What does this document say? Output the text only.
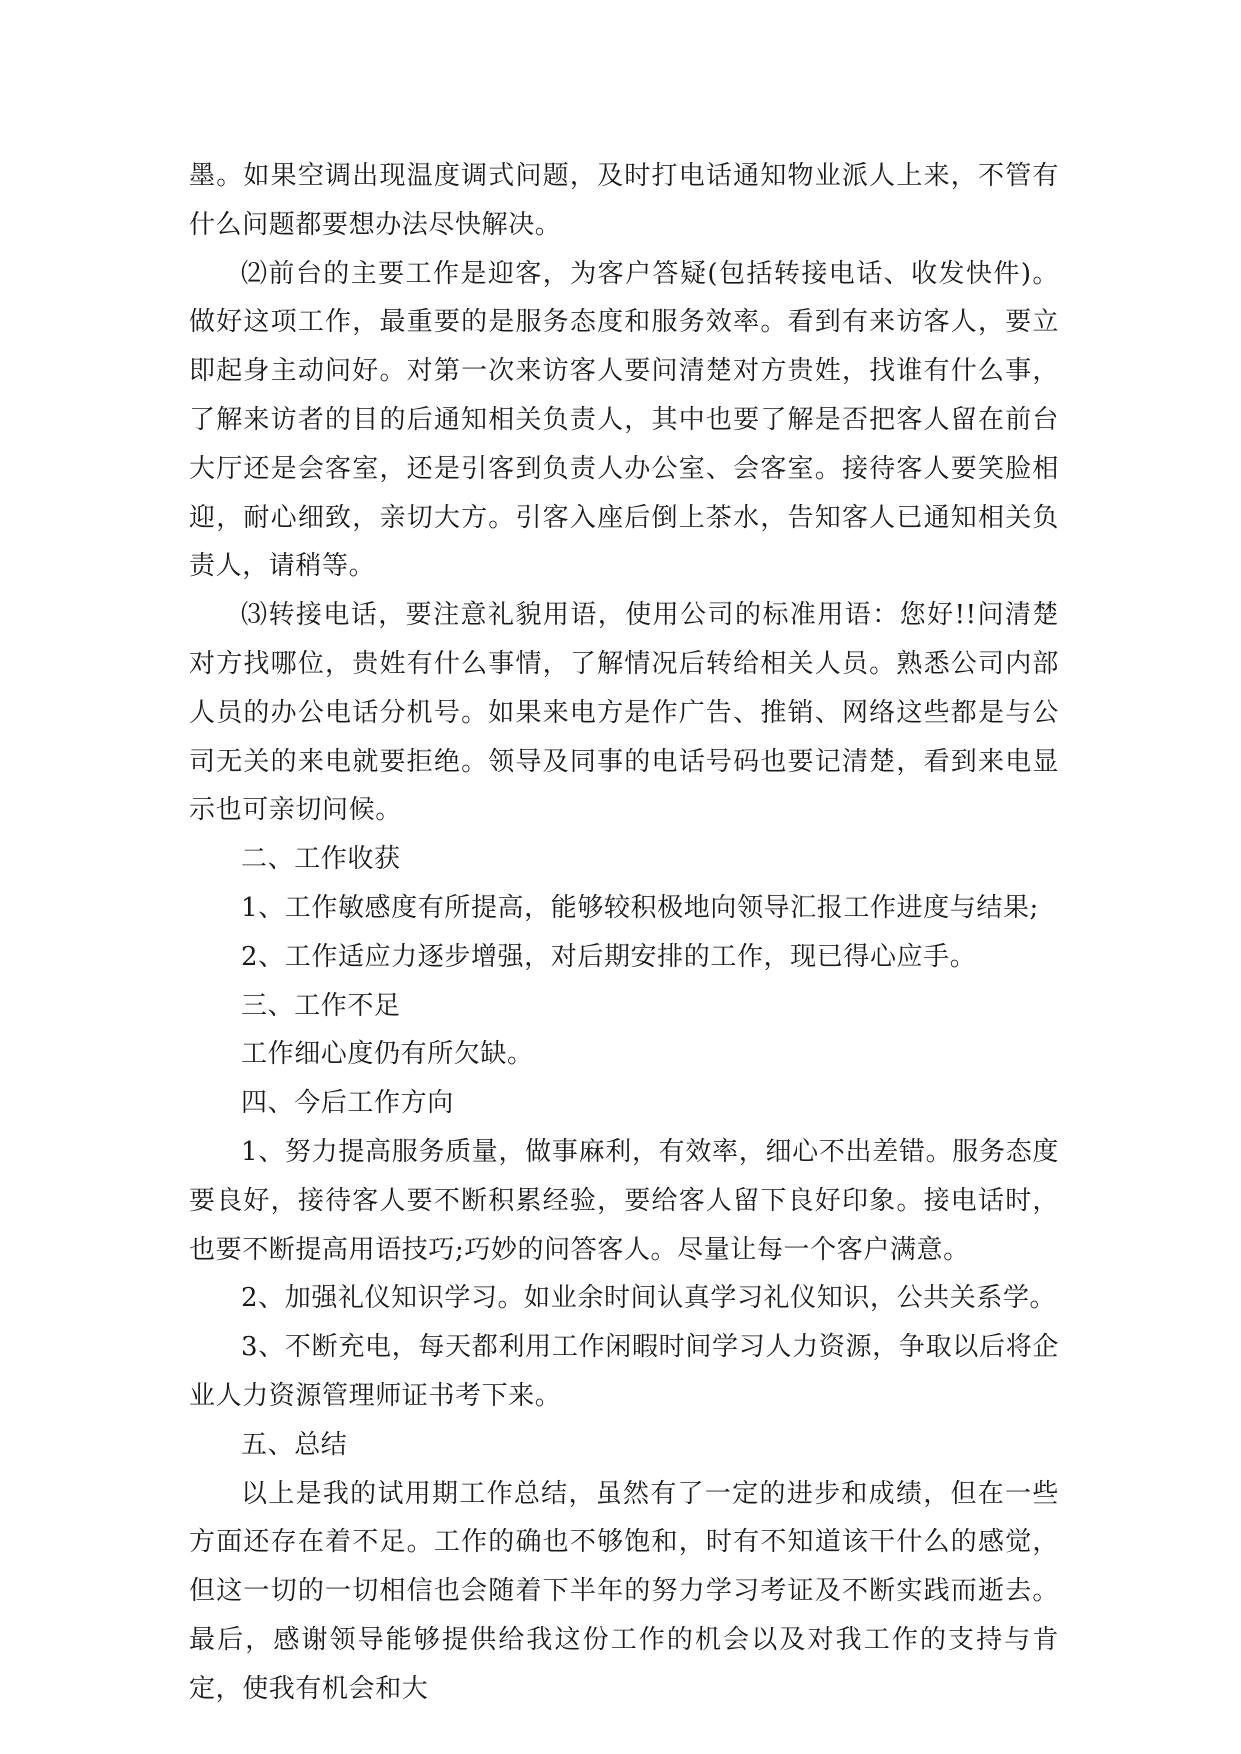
墨。如果空调出现温度调式问题，及时打电话通知物业派人上来，不管有什么问题都要想办法尽快解决。

⑵前台的主要工作是迎客，为客户答疑(包括转接电话、收发快件)。做好这项工作，最重要的是服务态度和服务效率。看到有来访客人，要立即起身主动问好。对第一次来访客人要问清楚对方贵姓，找谁有什么事，了解来访者的目的后通知相关负责人，其中也要了解是否把客人留在前台大厅还是会客室，还是引客到负责人办公室、会客室。接待客人要笑脸相迎，耐心细致，亲切大方。引客入座后倒上茶水，告知客人已通知相关负责人，请稍等。

⑶转接电话，要注意礼貌用语，使用公司的标准用语：您好!!问清楚对方找哪位，贵姓有什么事情，了解情况后转给相关人员。熟悉公司内部人员的办公电话分机号。如果来电方是作广告、推销、网络这些都是与公司无关的来电就要拒绝。领导及同事的电话号码也要记清楚，看到来电显示也可亲切问候。

二、工作收获

1、工作敏感度有所提高，能够较积极地向领导汇报工作进度与结果;

2、工作适应力逐步增强，对后期安排的工作，现已得心应手。

三、工作不足

工作细心度仍有所欠缺。

四、今后工作方向

1、努力提高服务质量，做事麻利，有效率，细心不出差错。服务态度要良好，接待客人要不断积累经验，要给客人留下良好印象。接电话时，也要不断提高用语技巧;巧妙的问答客人。尽量让每一个客户满意。

2、加强礼仪知识学习。如业余时间认真学习礼仪知识，公共关系学。

3、不断充电，每天都利用工作闲暇时间学习人力资源，争取以后将企业人力资源管理师证书考下来。

五、总结

以上是我的试用期工作总结，虽然有了一定的进步和成绩，但在一些方面还存在着不足。工作的确也不够饱和，时有不知道该干什么的感觉，但这一切的一切相信也会随着下半年的努力学习考证及不断实践而逝去。最后，感谢领导能够提供给我这份工作的机会以及对我工作的支持与肯定，使我有机会和大
